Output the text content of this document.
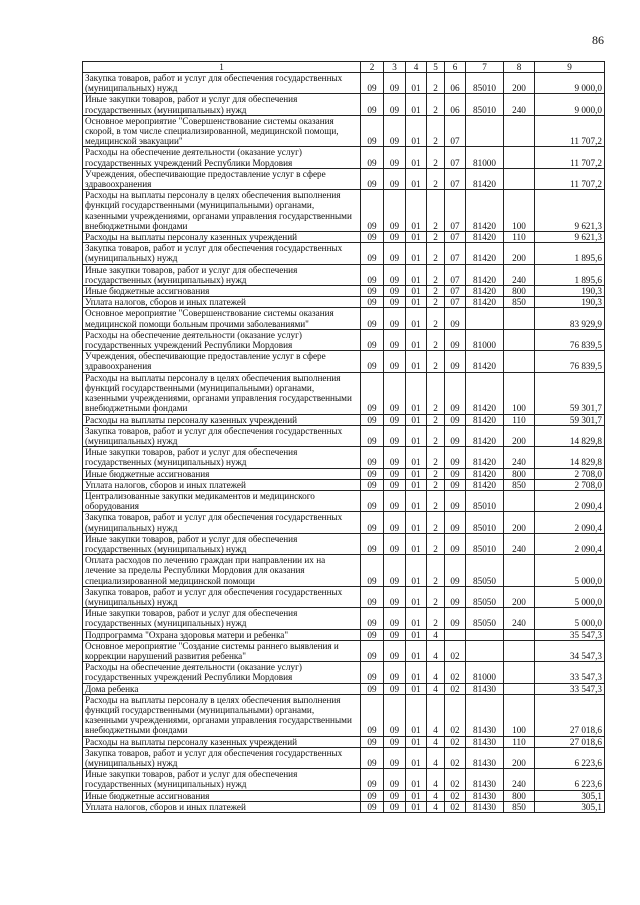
86
1	2	3	4	5	6	7	8	9
Закупка товаров, работ и услуг для обеспечения государственных (муниципальных) нужд	09	09	01	2	06	85010	200	9 000,0
Иные закупки товаров, работ и услуг для обеспечения государственных (муниципальных) нужд	09	09	01	2	06	85010	240	9 000,0
Основное мероприятие "Совершенствование системы оказания скорой, в том числе специализированной, медицинской помощи, медицинской эвакуации"	09	09	01	2	07			11 707,2
Расходы на обеспечение деятельности (оказание услуг) государственных учреждений Республики Мордовия	09	09	01	2	07	81000		11 707,2
Учреждения, обеспечивающие предоставление услуг в сфере здравоохранения	09	09	01	2	07	81420		11 707,2
Расходы на выплаты персоналу в целях обеспечения выполнения функций государственными (муниципальными) органами, казенными учреждениями, органами управления государственными внебюджетными фондами	09	09	01	2	07	81420	100	9 621,3
Расходы на выплаты персоналу казенных учреждений	09	09	01	2	07	81420	110	9 621,3
Закупка товаров, работ и услуг для обеспечения государственных (муниципальных) нужд	09	09	01	2	07	81420	200	1 895,6
Иные закупки товаров, работ и услуг для обеспечения государственных (муниципальных) нужд	09	09	01	2	07	81420	240	1 895,6
Иные бюджетные ассигнования	09	09	01	2	07	81420	800	190,3
Уплата налогов, сборов и иных платежей	09	09	01	2	07	81420	850	190,3
Основное мероприятие "Совершенствование системы оказания медицинской помощи больным прочими заболеваниями"	09	09	01	2	09			83 929,9
Расходы на обеспечение деятельности (оказание услуг) государственных учреждений Республики Мордовия	09	09	01	2	09	81000		76 839,5
Учреждения, обеспечивающие предоставление услуг в сфере здравоохранения	09	09	01	2	09	81420		76 839,5
Расходы на выплаты персоналу в целях обеспечения выполнения функций государственными (муниципальными) органами, казенными учреждениями, органами управления государственными внебюджетными фондами	09	09	01	2	09	81420	100	59 301,7
Расходы на выплаты персоналу казенных учреждений	09	09	01	2	09	81420	110	59 301,7
Закупка товаров, работ и услуг для обеспечения государственных (муниципальных) нужд	09	09	01	2	09	81420	200	14 829,8
Иные закупки товаров, работ и услуг для обеспечения государственных (муниципальных) нужд	09	09	01	2	09	81420	240	14 829,8
Иные бюджетные ассигнования	09	09	01	2	09	81420	800	2 708,0
Уплата налогов, сборов и иных платежей	09	09	01	2	09	81420	850	2 708,0
Централизованные закупки медикаментов и медицинского оборудования	09	09	01	2	09	85010		2 090,4
Закупка товаров, работ и услуг для обеспечения государственных (муниципальных) нужд	09	09	01	2	09	85010	200	2 090,4
Иные закупки товаров, работ и услуг для обеспечения государственных (муниципальных) нужд	09	09	01	2	09	85010	240	2 090,4
Оплата расходов по лечению граждан при направлении их на лечение за пределы Республики Мордовия для оказания специализированной медицинской помощи	09	09	01	2	09	85050		5 000,0
Закупка товаров, работ и услуг для обеспечения государственных (муниципальных) нужд	09	09	01	2	09	85050	200	5 000,0
Иные закупки товаров, работ и услуг для обеспечения государственных (муниципальных) нужд	09	09	01	2	09	85050	240	5 000,0
Подпрограмма "Охрана здоровья матери и ребенка"	09	09	01	4				35 547,3
Основное мероприятие "Создание системы раннего выявления и коррекции нарушений развития ребенка"	09	09	01	4	02			34 547,3
Расходы на обеспечение деятельности (оказание услуг) государственных учреждений Республики Мордовия	09	09	01	4	02	81000		33 547,3
Дома ребенка	09	09	01	4	02	81430		33 547,3
Расходы на выплаты персоналу в целях обеспечения выполнения функций государственными (муниципальными) органами, казенными учреждениями, органами управления государственными внебюджетными фондами	09	09	01	4	02	81430	100	27 018,6
Расходы на выплаты персоналу казенных учреждений	09	09	01	4	02	81430	110	27 018,6
Закупка товаров, работ и услуг для обеспечения государственных (муниципальных) нужд	09	09	01	4	02	81430	200	6 223,6
Иные закупки товаров, работ и услуг для обеспечения государственных (муниципальных) нужд	09	09	01	4	02	81430	240	6 223,6
Иные бюджетные ассигнования	09	09	01	4	02	81430	800	305,1
Уплата налогов, сборов и иных платежей	09	09	01	4	02	81430	850	305,1
